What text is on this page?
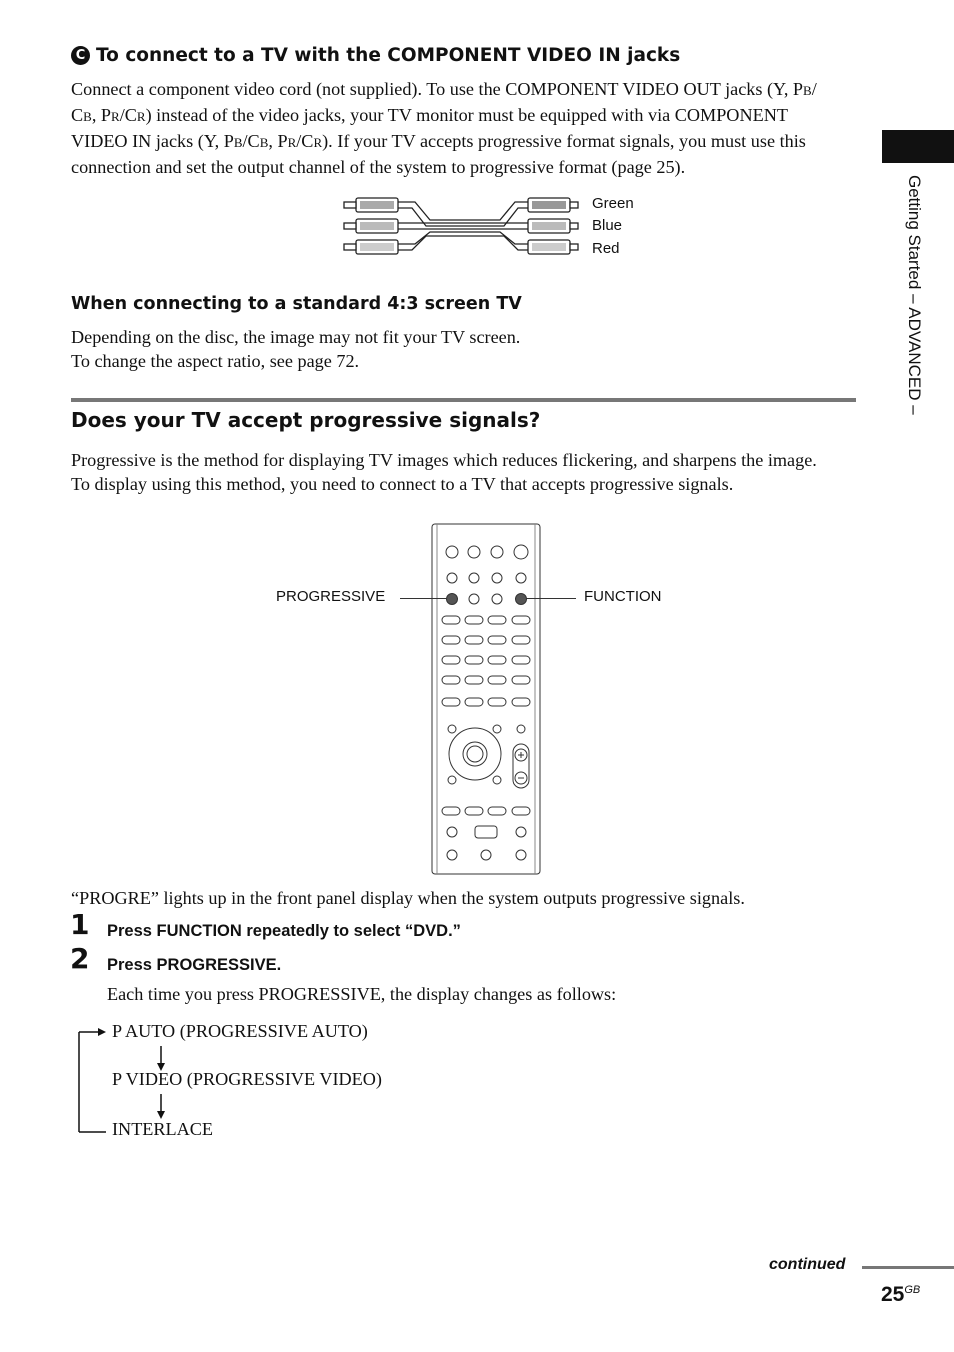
Getting Started – ADVANCED –
C To connect to a TV with the COMPONENT VIDEO IN jacks
Connect a component video cord (not supplied). To use the COMPONENT VIDEO OUT jacks (Y, PB/
CB, PR/CR) instead of the video jacks, your TV monitor must be equipped with via COMPONENT
VIDEO IN jacks (Y, PB/CB, PR/CR). If your TV accepts progressive format signals, you must use this
connection and set the output channel of the system to progressive format (page 25).
Green
Blue
Red
When connecting to a standard 4:3 screen TV
Depending on the disc, the image may not fit your TV screen.
To change the aspect ratio, see page 72.
Does your TV accept progressive signals?
Progressive is the method for displaying TV images which reduces flickering, and sharpens the image.
To display using this method, you need to connect to a TV that accepts progressive signals.
PROGRESSIVE	FUNCTION
“PROGRE” lights up in the front panel display when the system outputs progressive signals.
1 Press FUNCTION repeatedly to select “DVD.”
2 Press PROGRESSIVE.
Each time you press PROGRESSIVE, the display changes as follows:
P AUTO (PROGRESSIVE AUTO)
P VIDEO (PROGRESSIVE VIDEO)
INTERLACE
continued
$25^{GB}$
